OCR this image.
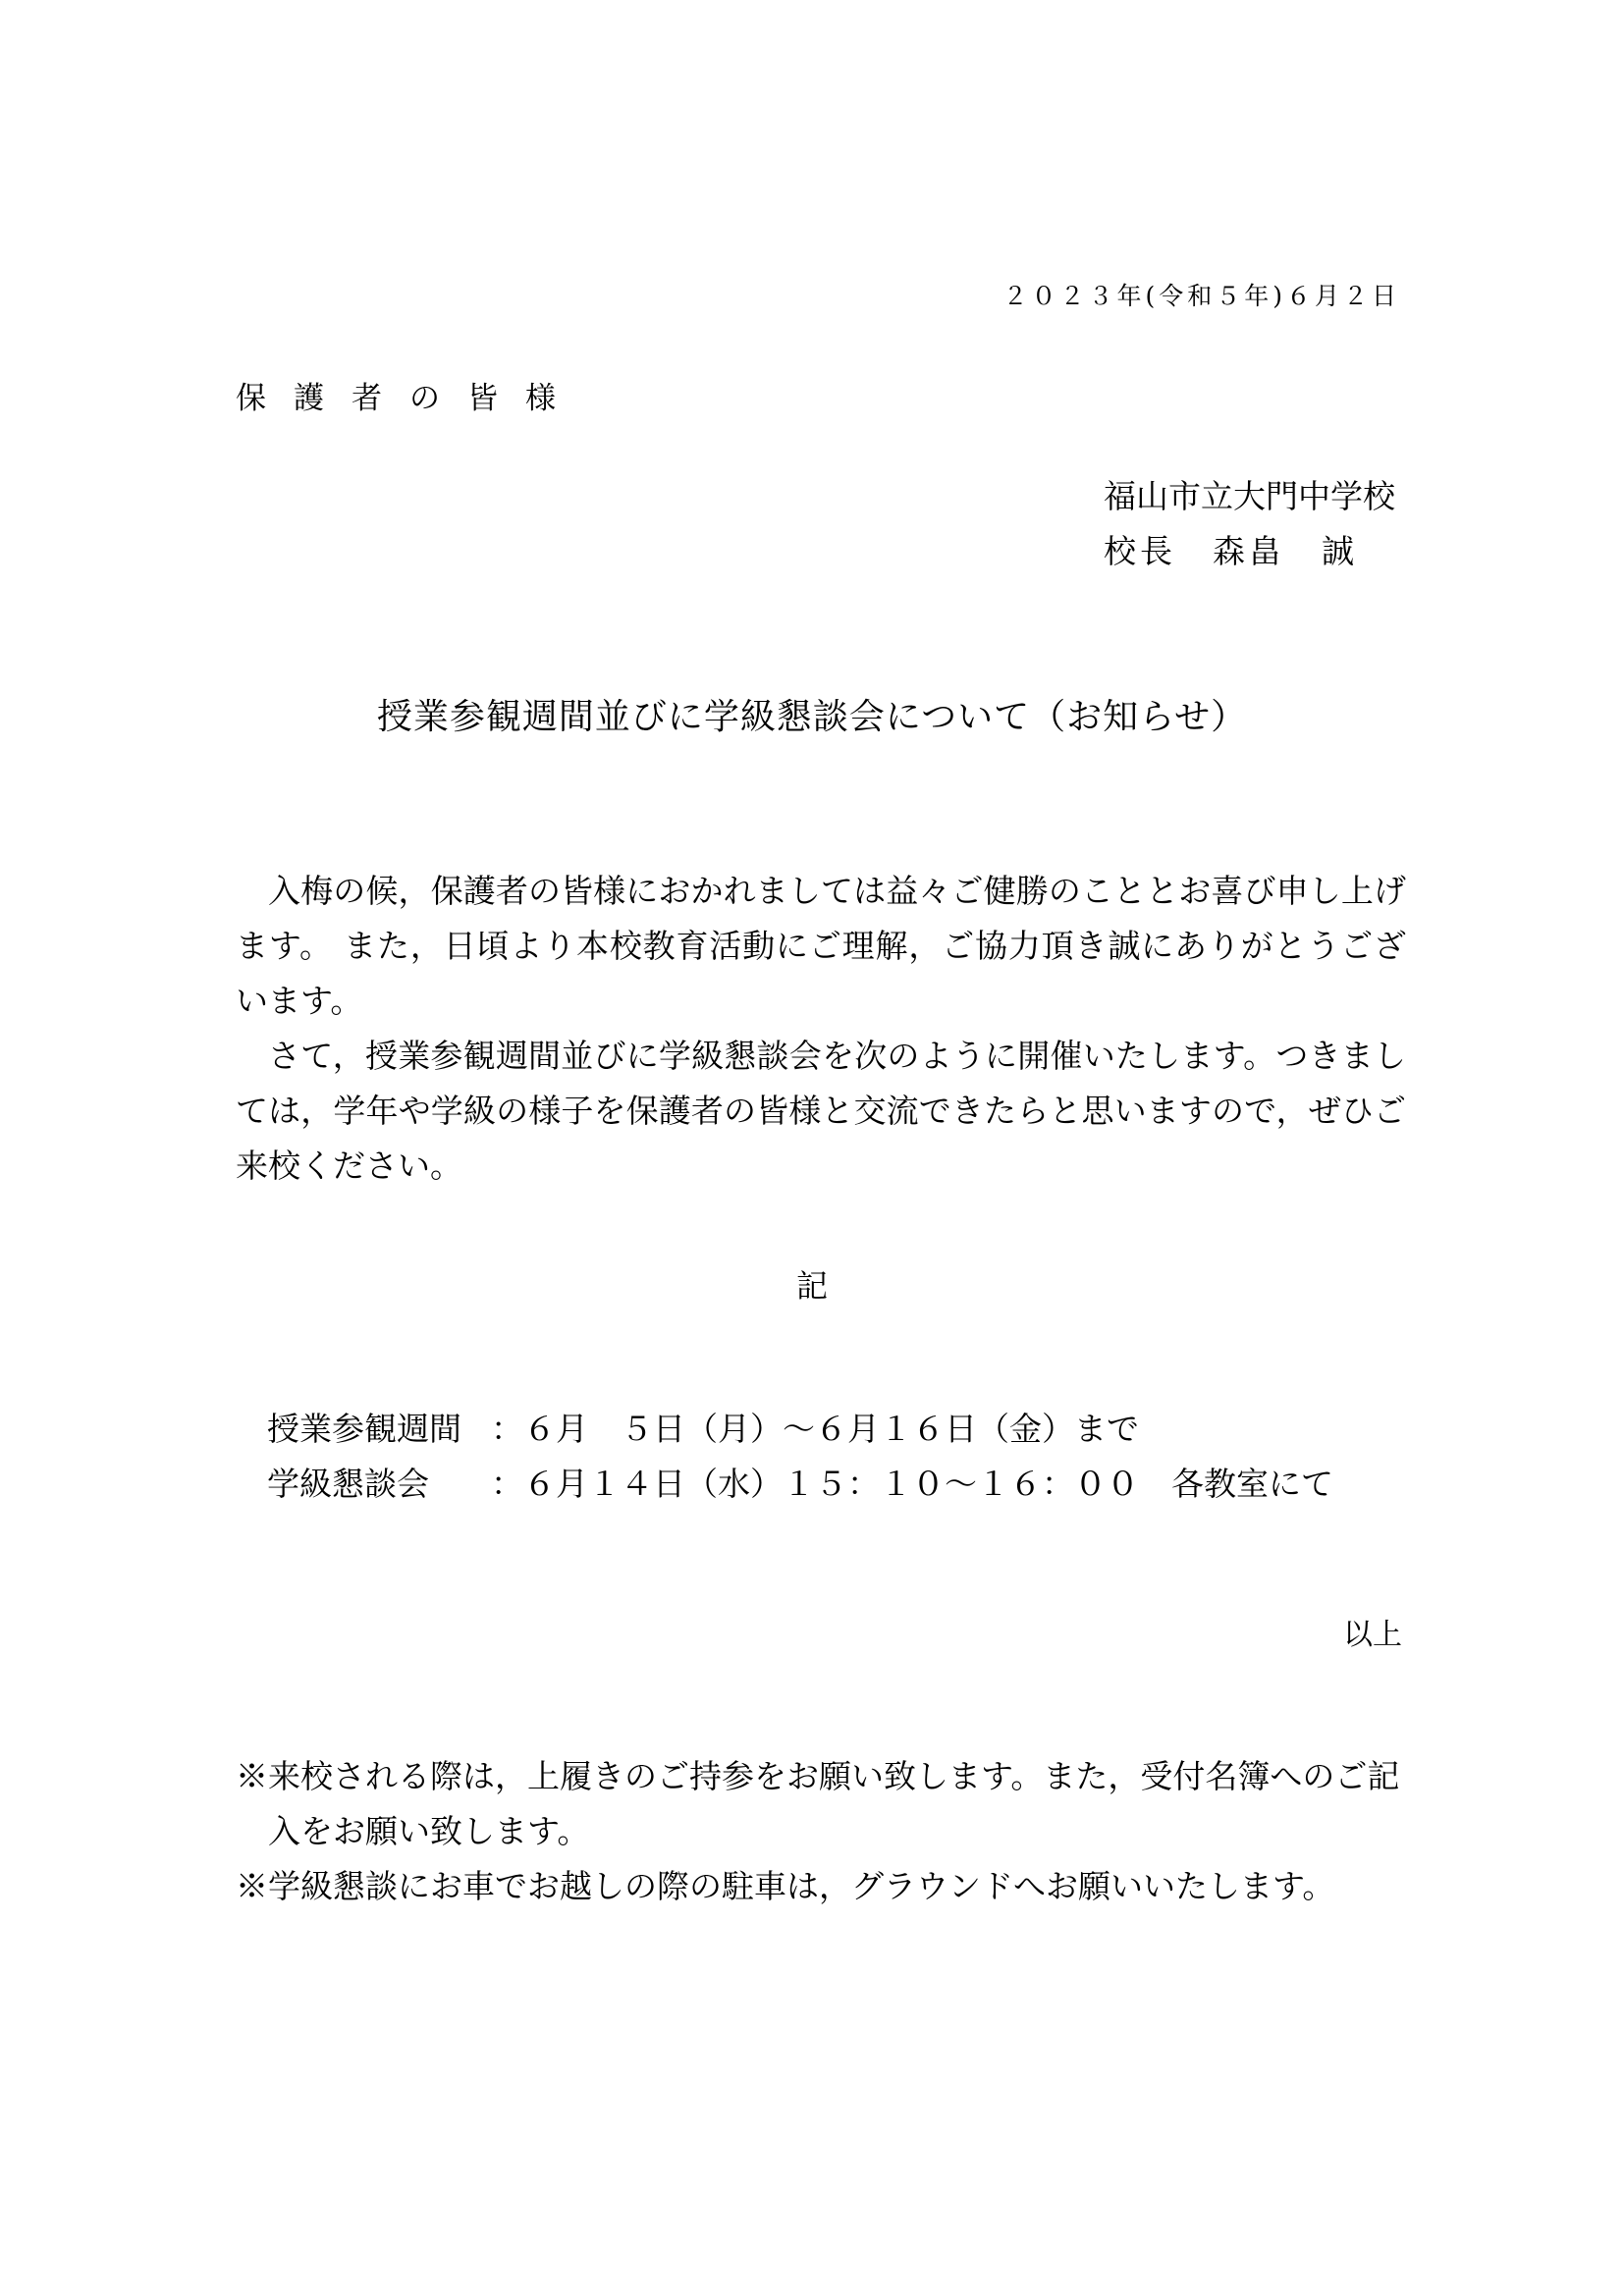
２０２３年(令和５年)６月２日
保護者の皆様
福山市立大門中学校
校長　森畠　誠
授業参観週間並びに学級懇談会について（お知らせ）

入梅の候，保護者の皆様におかれましては益々ご健勝のこととお喜び申し上げます。 また，日頃より本校教育活動にご理解，ご協力頂き誠にありがとうございます。

さて，授業参観週間並びに学級懇談会を次のように開催いたします。つきましては，学年や学級の様子を保護者の皆様と交流できたらと思いますので，ぜひご来校ください。

記
授業参観週間 ：６月　５日（月）～６月１６日（金）まで
学級懇談会	：６月１４日（水）１５：１０～１６：００　各教室にて
以上

※来校される際は，上履きのご持参をお願い致します。また，受付名簿へのご記入をお願い致します。

※学級懇談にお車でお越しの際の駐車は，グラウンドへお願いいたします。
